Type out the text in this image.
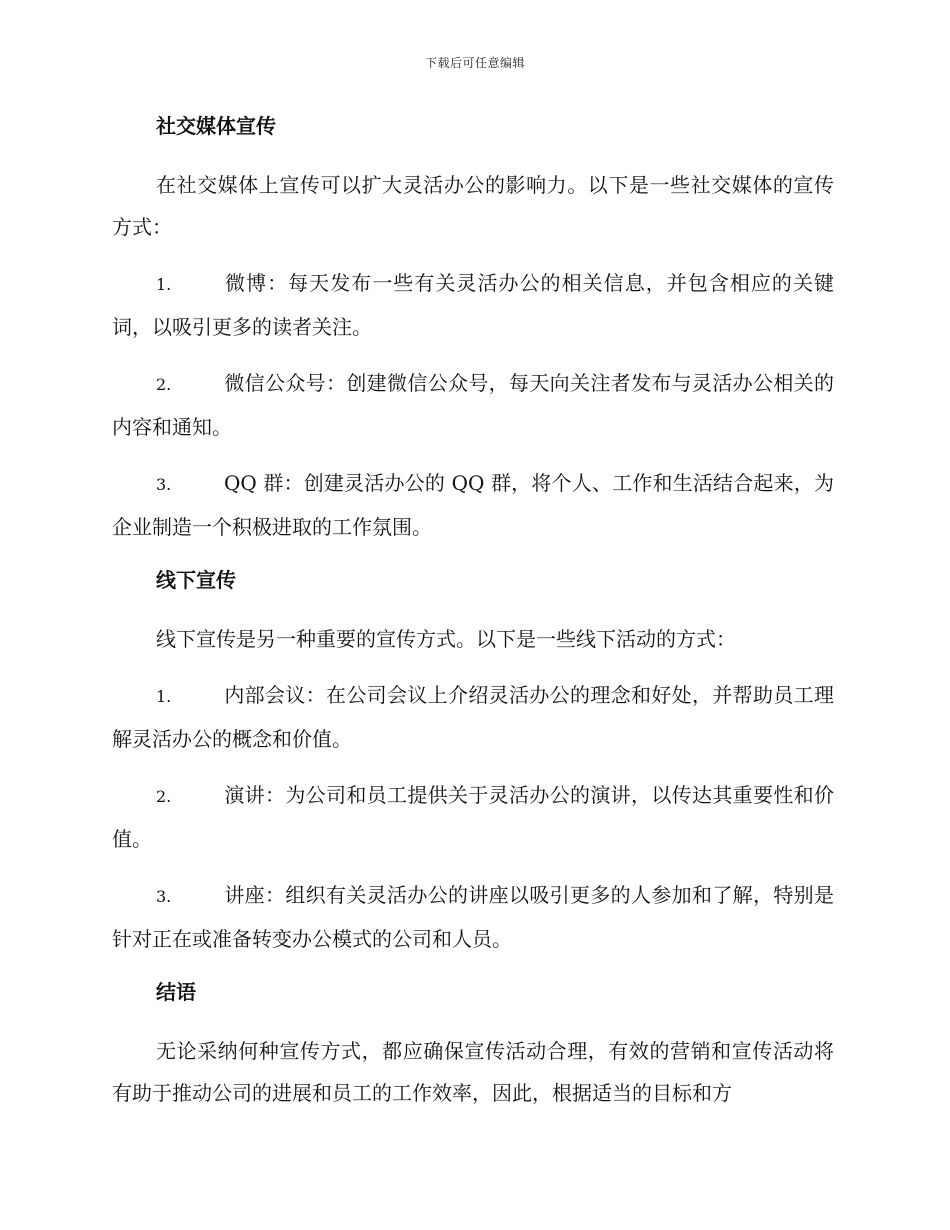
下载后可任意编辑
社交媒体宣传

在社交媒体上宣传可以扩大灵活办公的影响力。以下是一些社交媒体的宣传方式：

1.	微博：每天发布一些有关灵活办公的相关信息，并包含相应的关键词，以吸引更多的读者关注。

2.	微信公众号：创建微信公众号，每天向关注者发布与灵活办公相关的内容和通知。

3.	QQ 群：创建灵活办公的 QQ 群，将个人、工作和生活结合起来，为企业制造一个积极进取的工作氛围。

线下宣传

线下宣传是另一种重要的宣传方式。以下是一些线下活动的方式：

1.	内部会议：在公司会议上介绍灵活办公的理念和好处，并帮助员工理解灵活办公的概念和价值。

2.	演讲：为公司和员工提供关于灵活办公的演讲，以传达其重要性和价值。

3.	讲座：组织有关灵活办公的讲座以吸引更多的人参加和了解，特别是针对正在或准备转变办公模式的公司和人员。

结语

无论采纳何种宣传方式，都应确保宣传活动合理，有效的营销和宣传活动将有助于推动公司的进展和员工的工作效率，因此，根据适当的目标和方
